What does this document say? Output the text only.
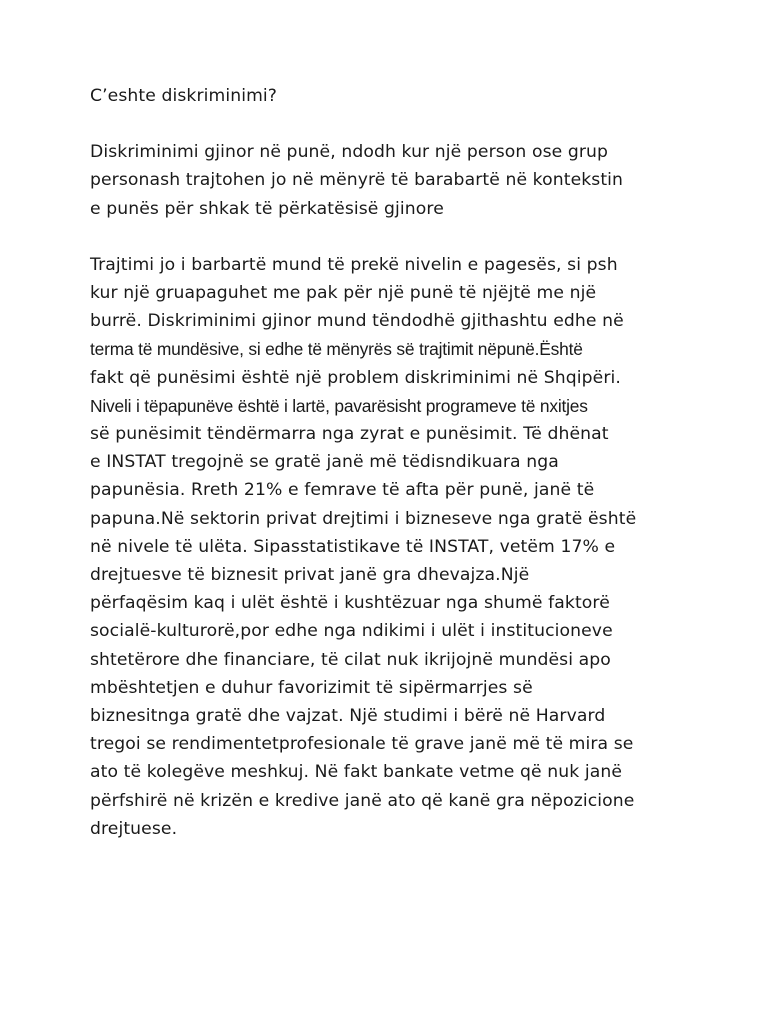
C’eshte diskriminimi?
Diskriminimi gjinor në punë, ndodh kur një person ose grup
personash trajtohen jo në mënyrë të barabartë në kontekstin
e punës për shkak të përkatësisë gjinore
Trajtimi jo i barbartë mund të prekë nivelin e pagesës, si psh
kur një gruapaguhet me pak për një punë të njëjtë me një
burrë. Diskriminimi gjinor mund tëndodhë gjithashtu edhe në
terma të mundësive, si edhe të mënyrës së trajtimit nëpunë.Është
fakt që punësimi është një problem diskriminimi në Shqipëri.
Niveli i tëpapunëve është i lartë, pavarësisht programeve të nxitjes
së punësimit tëndërmarra nga zyrat e punësimit. Të dhënat
e INSTAT tregojnë se gratë janë më tëdisndikuara nga
papunësia. Rreth 21% e femrave të afta për punë, janë të
papuna.Në sektorin privat drejtimi i bizneseve nga gratë është
në nivele të ulëta. Sipasstatistikave të INSTAT, vetëm 17% e
drejtuesve të biznesit privat janë gra dhevajza.Një
përfaqësim kaq i ulët është i kushtëzuar nga shumë faktorë
socialë-kulturorë,por edhe nga ndikimi i ulët i institucioneve
shtetërore dhe financiare, të cilat nuk ikrijojnë mundësi apo
mbështetjen e duhur favorizimit të sipërmarrjes së
biznesitnga gratë dhe vajzat. Një studimi i bërë në Harvard
tregoi se rendimentetprofesionale të grave janë më të mira se
ato të kolegëve meshkuj. Në fakt bankate vetme që nuk janë
përfshirë në krizën e kredive janë ato që kanë gra nëpozicione
drejtuese.
